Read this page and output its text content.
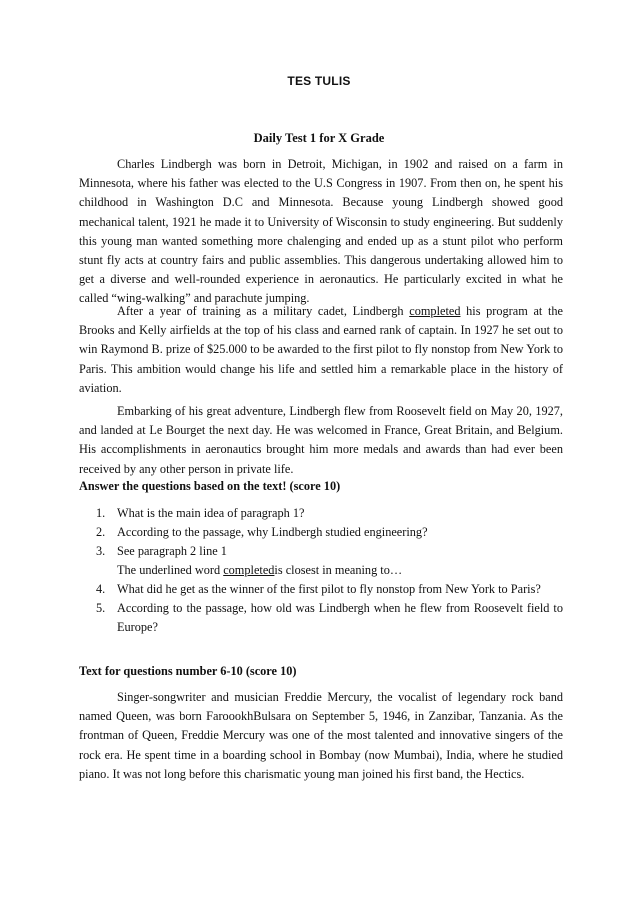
TES TULIS
Daily Test 1 for X Grade

Charles Lindbergh was born in Detroit, Michigan, in 1902 and raised on a farm in Minnesota, where his father was elected to the U.S Congress in 1907. From then on, he spent his childhood in Washington D.C and Minnesota. Because young Lindbergh showed good mechanical talent, 1921 he made it to University of Wisconsin to study engineering. But suddenly this young man wanted something more chalenging and ended up as a stunt pilot who perform stunt fly acts at country fairs and public assemblies. This dangerous undertaking allowed him to get a diverse and well-rounded experience in aeronautics. He particularly excited in what he called “wing-walking” and parachute jumping.

After a year of training as a military cadet, Lindbergh completed his program at the Brooks and Kelly airfields at the top of his class and earned rank of captain. In 1927 he set out to win Raymond B. prize of $25.000 to be awarded to the first pilot to fly nonstop from New York to Paris. This ambition would change his life and settled him a remarkable place in the history of aviation.

Embarking of his great adventure, Lindbergh flew from Roosevelt field on May 20, 1927, and landed at Le Bourget the next day. He was welcomed in France, Great Britain, and Belgium. His accomplishments in aeronautics brought him more medals and awards than had ever been received by any other person in private life.

Answer the questions based on the text! (score 10)
1. What is the main idea of paragraph 1?
2. According to the passage, why Lindbergh studied engineering?
3. See paragraph 2 line 1
The underlined word completedis closest in meaning to…
4. What did he get as the winner of the first pilot to fly nonstop from New York to Paris?
5. According to the passage, how old was Lindbergh when he flew from Roosevelt field to Europe?
Text for questions number 6-10 (score 10)

Singer-songwriter and musician Freddie Mercury, the vocalist of legendary rock band named Queen, was born FaroookhBulsara on September 5, 1946, in Zanzibar, Tanzania. As the frontman of Queen, Freddie Mercury was one of the most talented and innovative singers of the rock era. He spent time in a boarding school in Bombay (now Mumbai), India, where he studied piano. It was not long before this charismatic young man joined his first band, the Hectics.
